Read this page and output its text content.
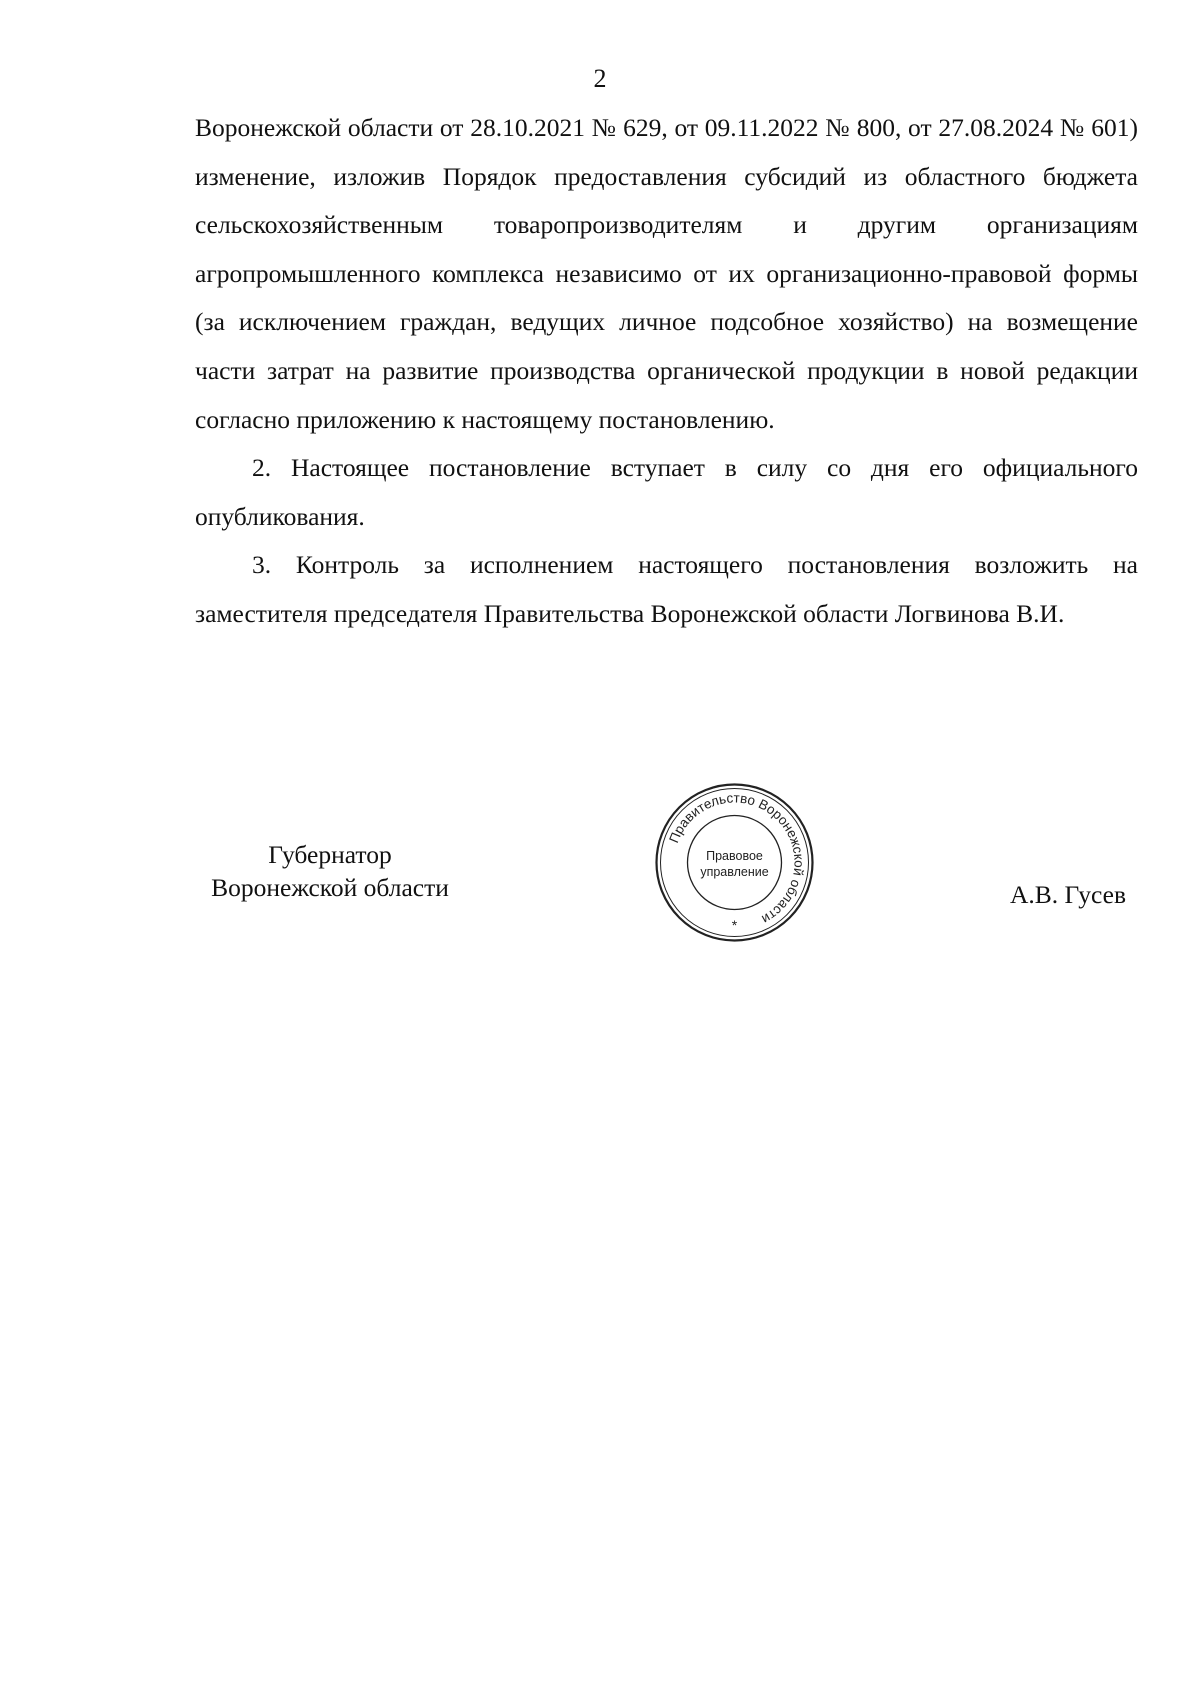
2

Воронежской области от 28.10.2021 № 629, от 09.11.2022 № 800, от 27.08.2024 № 601) изменение, изложив Порядок предоставления субсидий из областного бюджета сельскохозяйственным товаропроизводителям и другим организациям агропромышленного комплекса независимо от их организационно-правовой формы (за исключением граждан, ведущих личное подсобное хозяйство) на возмещение части затрат на развитие производства органической продукции в новой редакции согласно приложению к настоящему постановлению.

2. Настоящее постановление вступает в силу со дня его официального опубликования.

3. Контроль за исполнением настоящего постановления возложить на заместителя председателя Правительства Воронежской области Логвинова В.И.

Губернатор
Воронежской области	А.В. Гусев
Правительство Воронежской области
Правовое
управление
*
